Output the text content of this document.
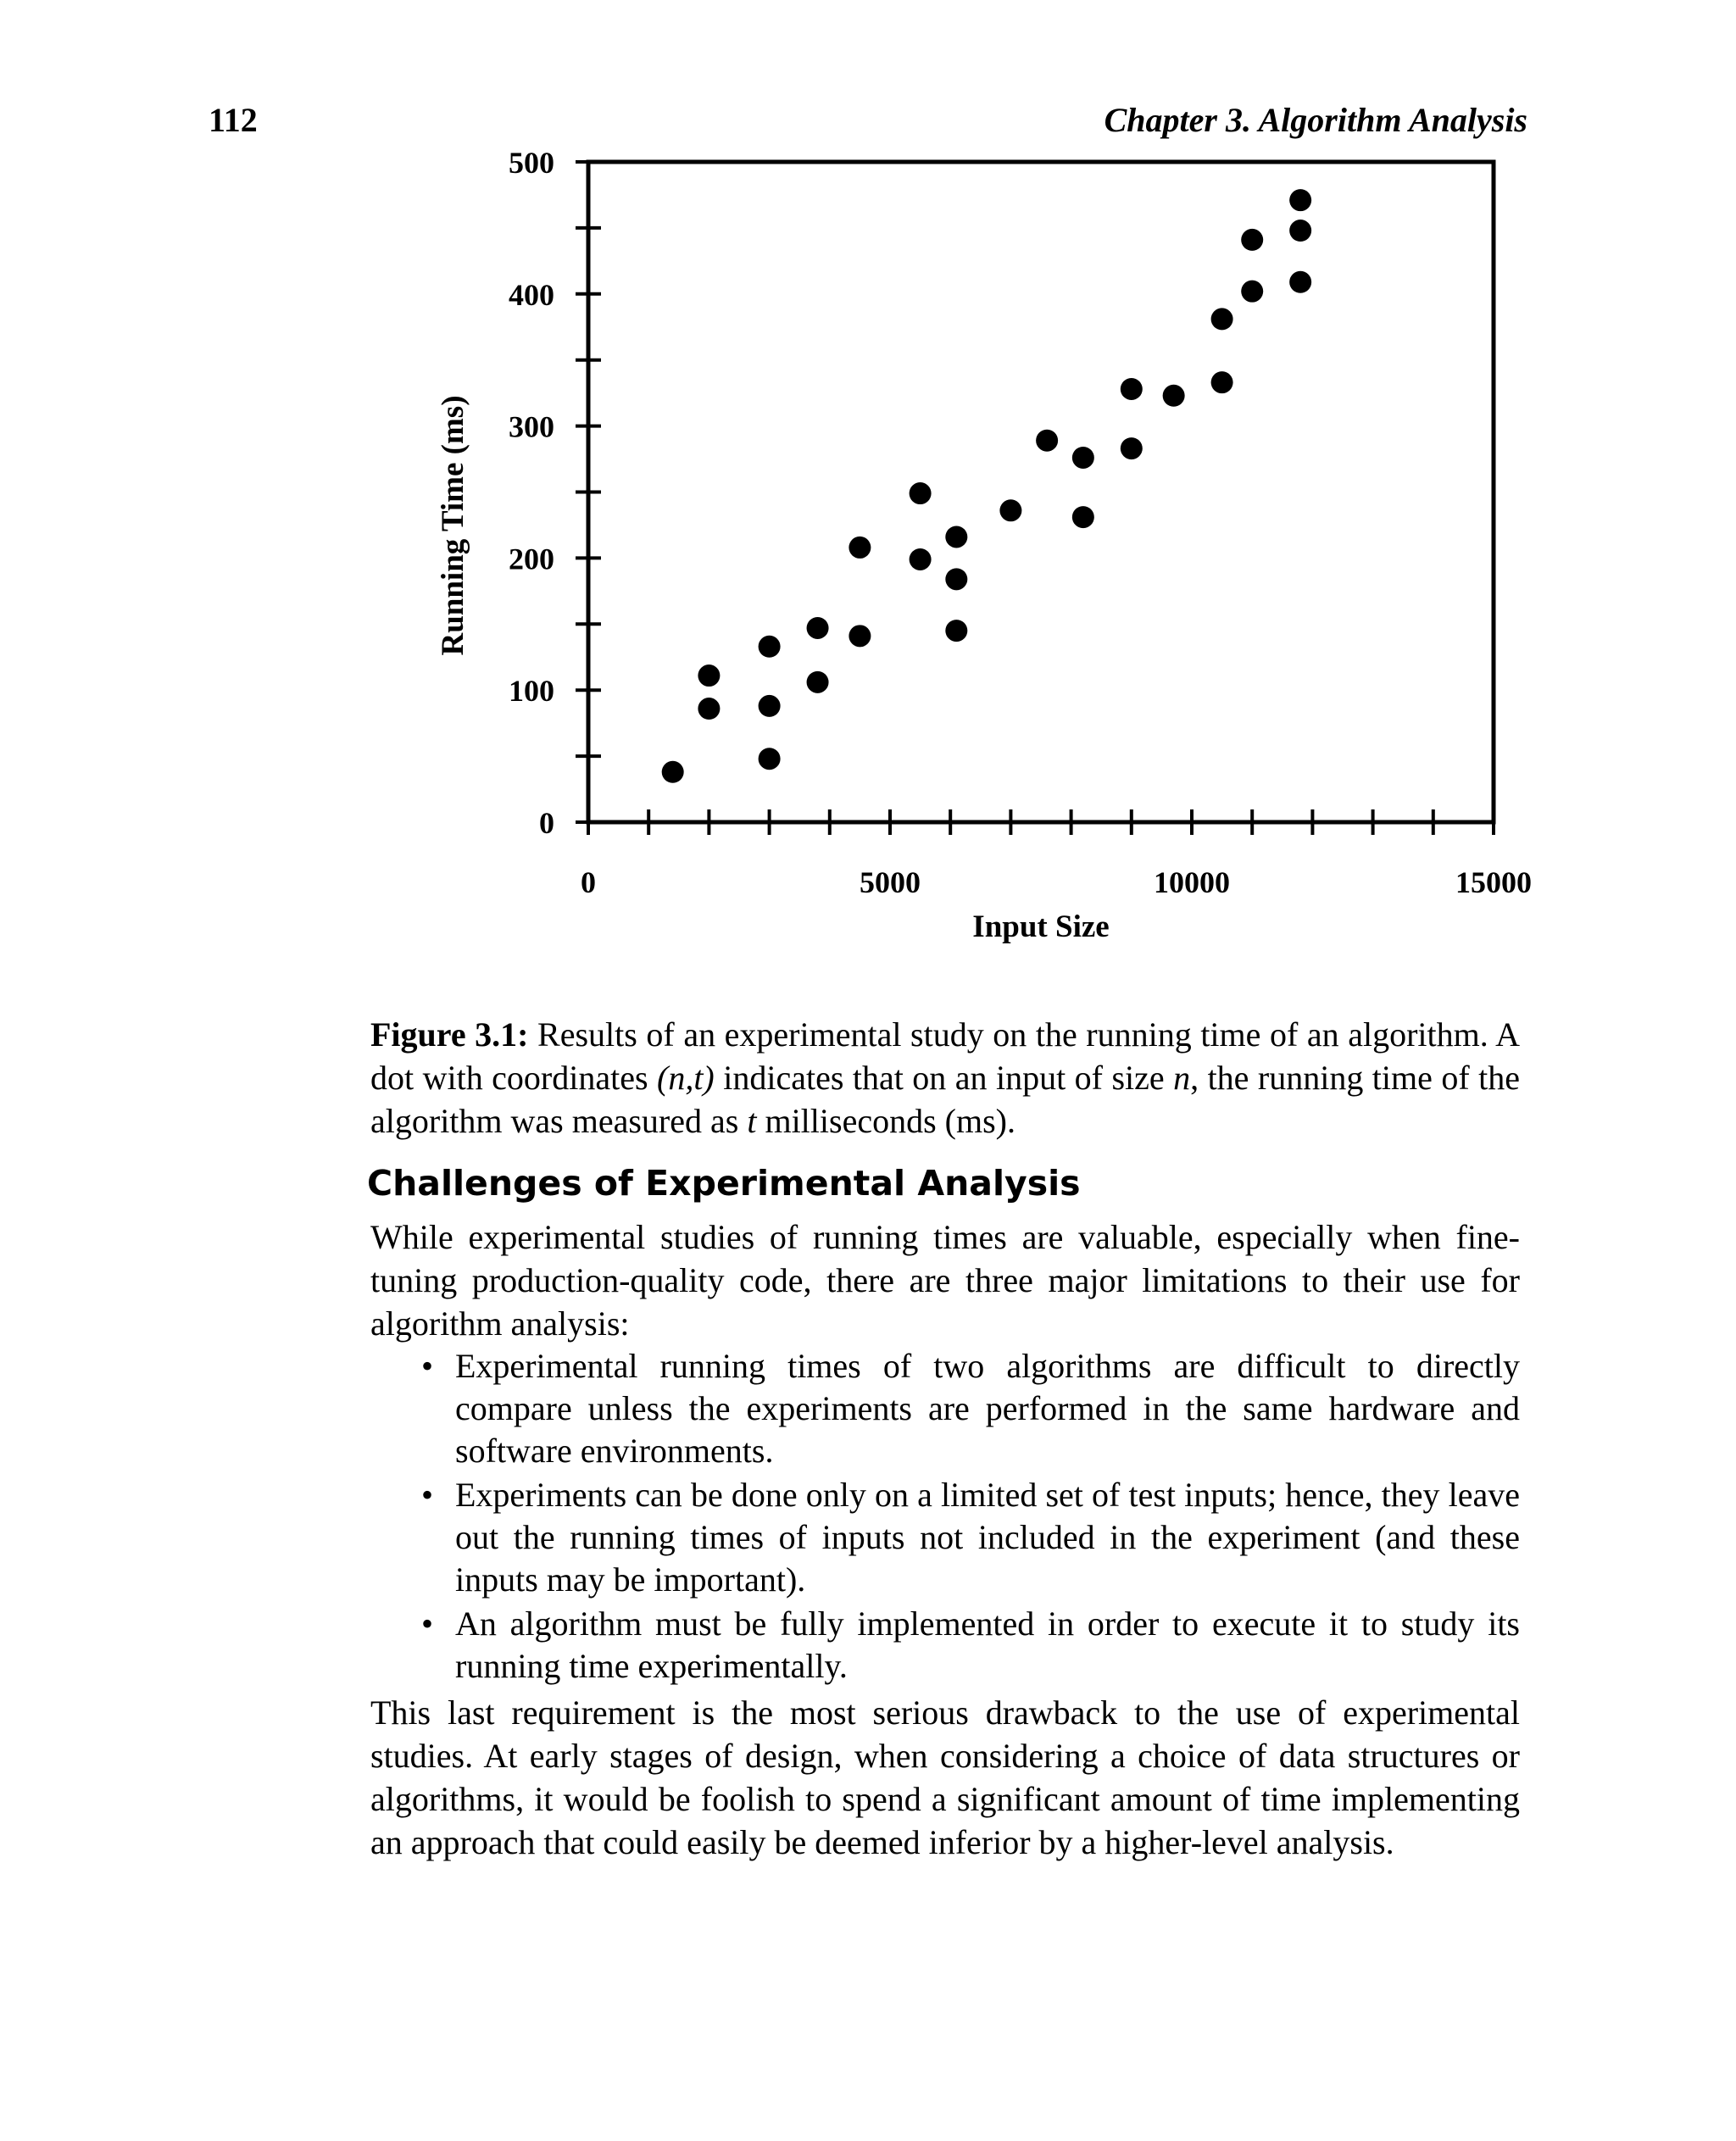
112	Chapter 3. Algorithm Analysis
0
100
200
300
400
500
0	5000	10000	15000
Input Size
Running Time (ms)

Figure 3.1: Results of an experimental study on the running time of an algorithm. A dot with coordinates (n,t) indicates that on an input of size n, the running time of the algorithm was measured as t milliseconds (ms).

Challenges of Experimental Analysis

While experimental studies of running times are valuable, especially when fine-tuning production-quality code, there are three major limitations to their use for algorithm analysis:

• Experimental running times of two algorithms are difficult to directly compare unless the experiments are performed in the same hardware and software environments.
• Experiments can be done only on a limited set of test inputs; hence, they leave out the running times of inputs not included in the experiment (and these inputs may be important).
• An algorithm must be fully implemented in order to execute it to study its running time experimentally.

This last requirement is the most serious drawback to the use of experimental studies. At early stages of design, when considering a choice of data structures or algorithms, it would be foolish to spend a significant amount of time implementing an approach that could easily be deemed inferior by a higher-level analysis.
